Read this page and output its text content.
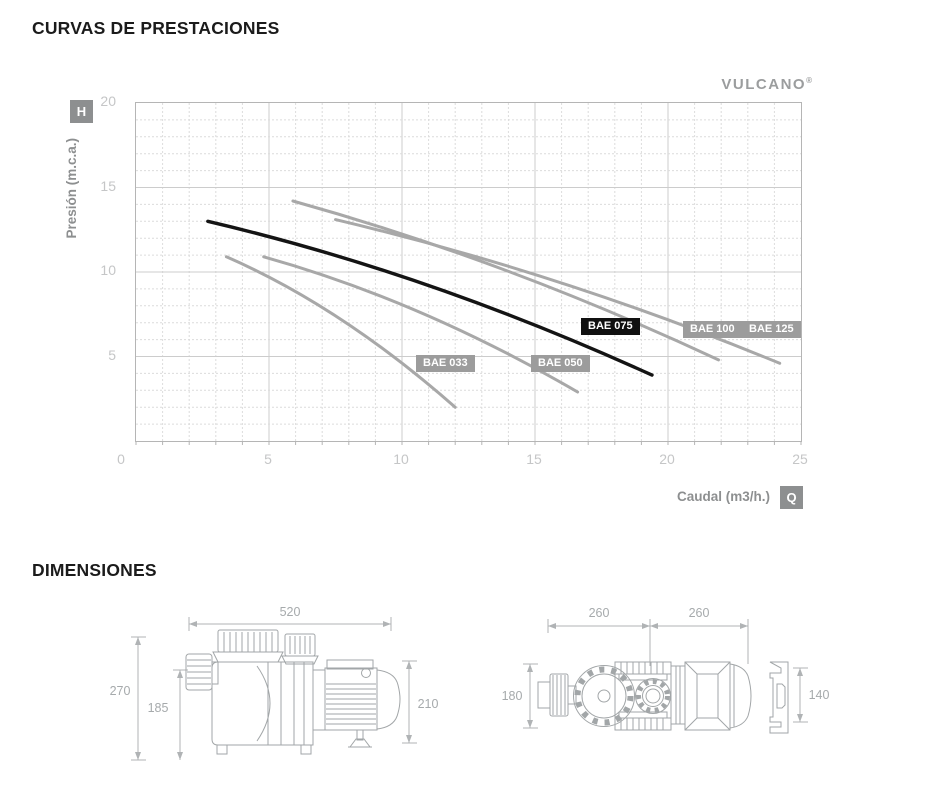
CURVAS DE PRESTACIONES
VULCANO®
H
Presión (m.c.a.)
BAE 033	BAE 050
BAE 075	BAE 100	BAE 125
20
15
10
5
0	5	10	15	20	25
Caudal (m3/h.)	Q
DIMENSIONES
520
270
185	210
260	260
180	140
